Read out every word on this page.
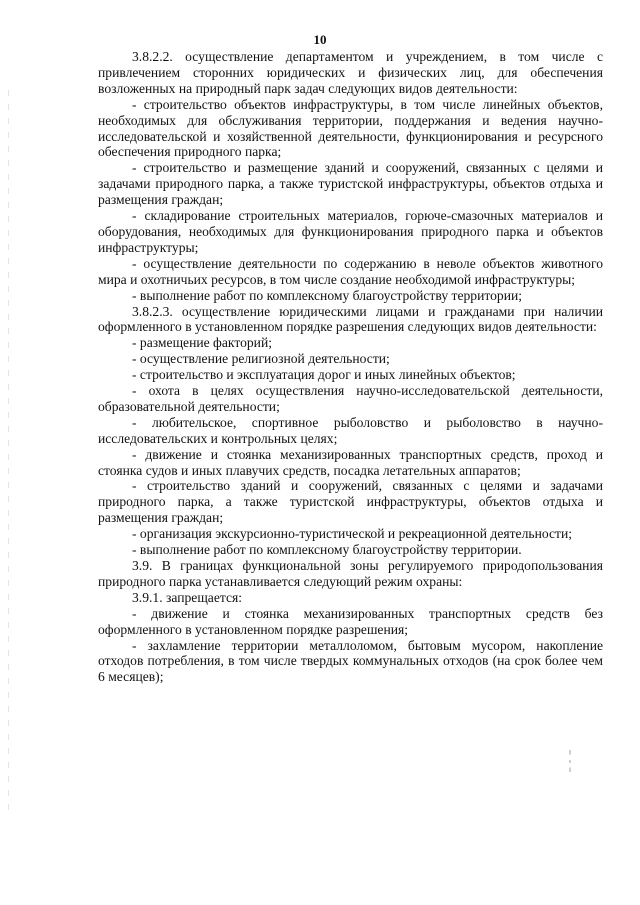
10

3.8.2.2. осуществление департаментом и учреждением, в том числе с привлечением сторонних юридических и физических лиц, для обеспечения возложенных на природный парк задач следующих видов деятельности:

- строительство объектов инфраструктуры, в том числе линейных объектов, необходимых для обслуживания территории, поддержания и ведения научно-исследовательской и хозяйственной деятельности, функционирования и ресурсного обеспечения природного парка;

- строительство и размещение зданий и сооружений, связанных с целями и задачами природного парка, а также туристской инфраструктуры, объектов отдыха и размещения граждан;

- складирование строительных материалов, горюче-смазочных материалов и оборудования, необходимых для функционирования природного парка и объектов инфраструктуры;

- осуществление деятельности по содержанию в неволе объектов животного мира и охотничьих ресурсов, в том числе создание необходимой инфраструктуры;

- выполнение работ по комплексному благоустройству территории;

3.8.2.3. осуществление юридическими лицами и гражданами при наличии оформленного в установленном порядке разрешения следующих видов деятельности:

- размещение факторий;

- осуществление религиозной деятельности;

- строительство и эксплуатация дорог и иных линейных объектов;

- охота в целях осуществления научно-исследовательской деятельности, образовательной деятельности;

- любительское, спортивное рыболовство и рыболовство в научно-исследовательских и контрольных целях;

- движение и стоянка механизированных транспортных средств, проход и стоянка судов и иных плавучих средств, посадка летательных аппаратов;

- строительство зданий и сооружений, связанных с целями и задачами природного парка, а также туристской инфраструктуры, объектов отдыха и размещения граждан;

- организация экскурсионно-туристической и рекреационной деятельности;

- выполнение работ по комплексному благоустройству территории.

3.9. В границах функциональной зоны регулируемого природопользования природного парка устанавливается следующий режим охраны:

3.9.1. запрещается:

- движение и стоянка механизированных транспортных средств без оформленного в установленном порядке разрешения;

- захламление территории металлоломом, бытовым мусором, накопление отходов потребления, в том числе твердых коммунальных отходов (на срок более чем 6 месяцев);
